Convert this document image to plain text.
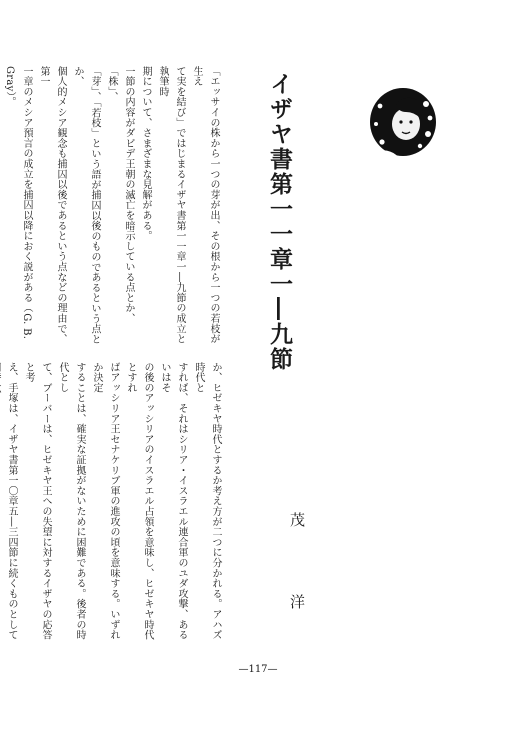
イザヤ書第一一章一―九節

「エッサイの株から一つの芽が出、その根から一つの若枝が生え

て実を結び」ではじまるイザヤ書第一一章一―九節の成立と執筆時

期について、さまざまな見解がある。

一節の内容がダビデ王朝の滅亡を暗示している点とか、「株」、

「芽」、「若枝」という語が捕囚以後のものであるという点とか、

個人的メシア観念も捕囚以後であるという点などの理由で、第一

一章のメシア預言の成立を捕囚以降におく説がある（G. B. Gray）。

か、ヒゼキヤ時代とするか考え方が二つに分かれる。アハズ時代と

すれば、それはシリア・イスラエル連合軍のユダ攻撃、あるいはそ

の後のアッシリアのイスラエル占領を意味し、ヒゼキヤ時代とすれ

ばアッシリア王セナケリブ軍の進攻の頃を意味する。いずれか決定

することは、確実な証拠がないために困難である。後者の時代とし

て、ブーバーは、ヒゼキヤ王への失望に対するイザヤの応答と考

え、手塚は、イザヤ書第一〇章五―三四節に続くものとして	茂　洋
—117—
